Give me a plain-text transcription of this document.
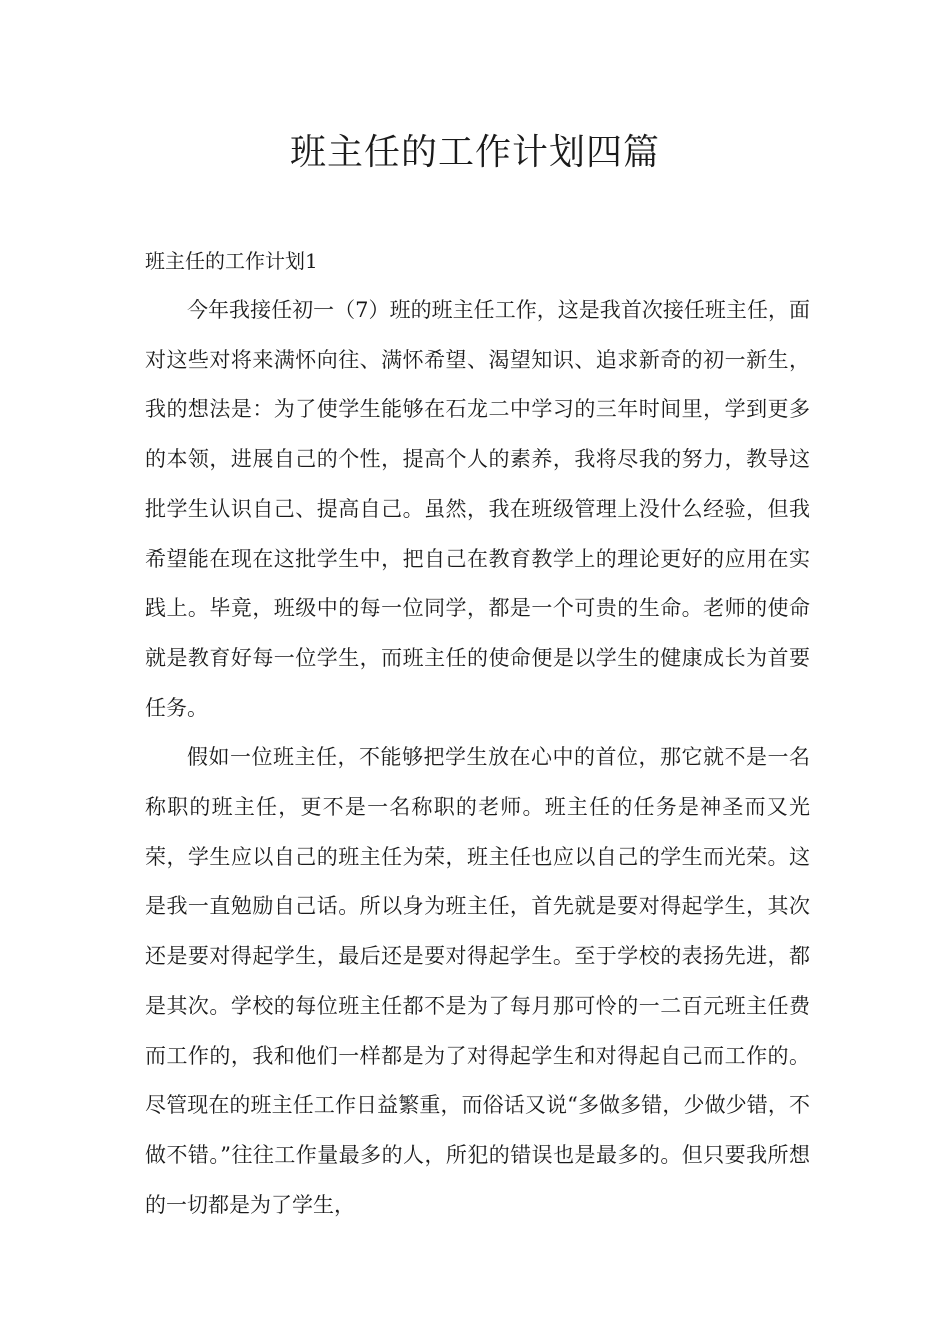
班主任的工作计划四篇

班主任的工作计划1

今年我接任初一（7）班的班主任工作，这是我首次接任班主任，面对这些对将来满怀向往、满怀希望、渴望知识、追求新奇的初一新生，我的想法是：为了使学生能够在石龙二中学习的三年时间里，学到更多的本领，进展自己的个性，提高个人的素养，我将尽我的努力，教导这批学生认识自己、提高自己。虽然，我在班级管理上没什么经验，但我希望能在现在这批学生中，把自己在教育教学上的理论更好的应用在实践上。毕竟，班级中的每一位同学，都是一个可贵的生命。老师的使命就是教育好每一位学生，而班主任的使命便是以学生的健康成长为首要任务。

假如一位班主任，不能够把学生放在心中的首位，那它就不是一名称职的班主任，更不是一名称职的老师。班主任的任务是神圣而又光荣，学生应以自己的班主任为荣，班主任也应以自己的学生而光荣。这是我一直勉励自己话。所以身为班主任，首先就是要对得起学生，其次还是要对得起学生，最后还是要对得起学生。至于学校的表扬先进，都是其次。学校的每位班主任都不是为了每月那可怜的一二百元班主任费而工作的，我和他们一样都是为了对得起学生和对得起自己而工作的。尽管现在的班主任工作日益繁重，而俗话又说“多做多错，少做少错，不做不错。”往往工作量最多的人，所犯的错误也是最多的。但只要我所想的一切都是为了学生，
